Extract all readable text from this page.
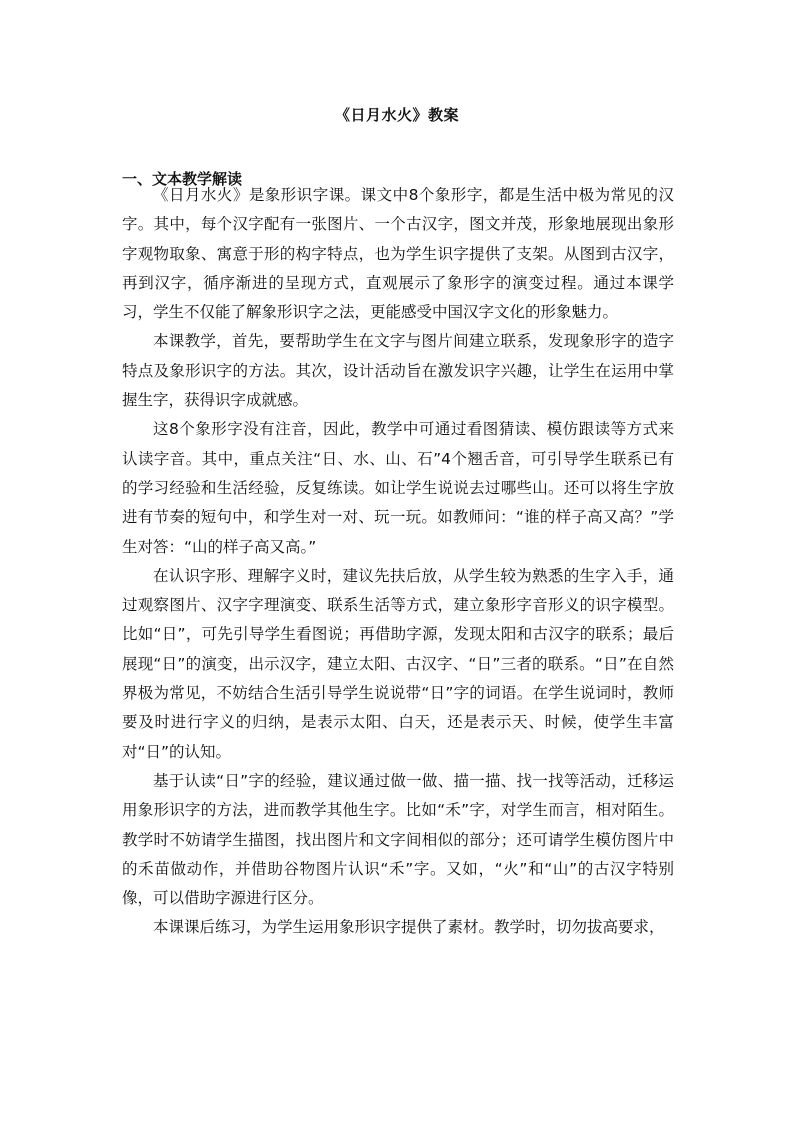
《日月水火》教案
一、文本教学解读

《日月水火》是象形识字课。课文中8个象形字，都是生活中极为常见的汉字。其中，每个汉字配有一张图片、一个古汉字，图文并茂，形象地展现出象形字观物取象、寓意于形的构字特点，也为学生识字提供了支架。从图到古汉字，再到汉字，循序渐进的呈现方式，直观展示了象形字的演变过程。通过本课学习，学生不仅能了解象形识字之法，更能感受中国汉字文化的形象魅力。

本课教学，首先，要帮助学生在文字与图片间建立联系，发现象形字的造字特点及象形识字的方法。其次，设计活动旨在激发识字兴趣，让学生在运用中掌握生字，获得识字成就感。

这8个象形字没有注音，因此，教学中可通过看图猜读、模仿跟读等方式来认读字音。其中，重点关注“日、水、山、石”4个翘舌音，可引导学生联系已有的学习经验和生活经验，反复练读。如让学生说说去过哪些山。还可以将生字放进有节奏的短句中，和学生对一对、玩一玩。如教师问：“谁的样子高又高？”学生对答：“山的样子高又高。”

在认识字形、理解字义时，建议先扶后放，从学生较为熟悉的生字入手，通过观察图片、汉字字理演变、联系生活等方式，建立象形字音形义的识字模型。比如“日”，可先引导学生看图说；再借助字源，发现太阳和古汉字的联系；最后展现“日”的演变，出示汉字，建立太阳、古汉字、“日”三者的联系。“日”在自然界极为常见，不妨结合生活引导学生说说带“日”字的词语。在学生说词时，教师要及时进行字义的归纳，是表示太阳、白天，还是表示天、时候，使学生丰富对“日”的认知。

基于认读“日”字的经验，建议通过做一做、描一描、找一找等活动，迁移运用象形识字的方法，进而教学其他生字。比如“禾”字，对学生而言，相对陌生。教学时不妨请学生描图，找出图片和文字间相似的部分；还可请学生模仿图片中的禾苗做动作，并借助谷物图片认识“禾”字。又如，“火”和“山”的古汉字特别像，可以借助字源进行区分。

本课课后练习，为学生运用象形识字提供了素材。教学时，切勿拔高要求，
